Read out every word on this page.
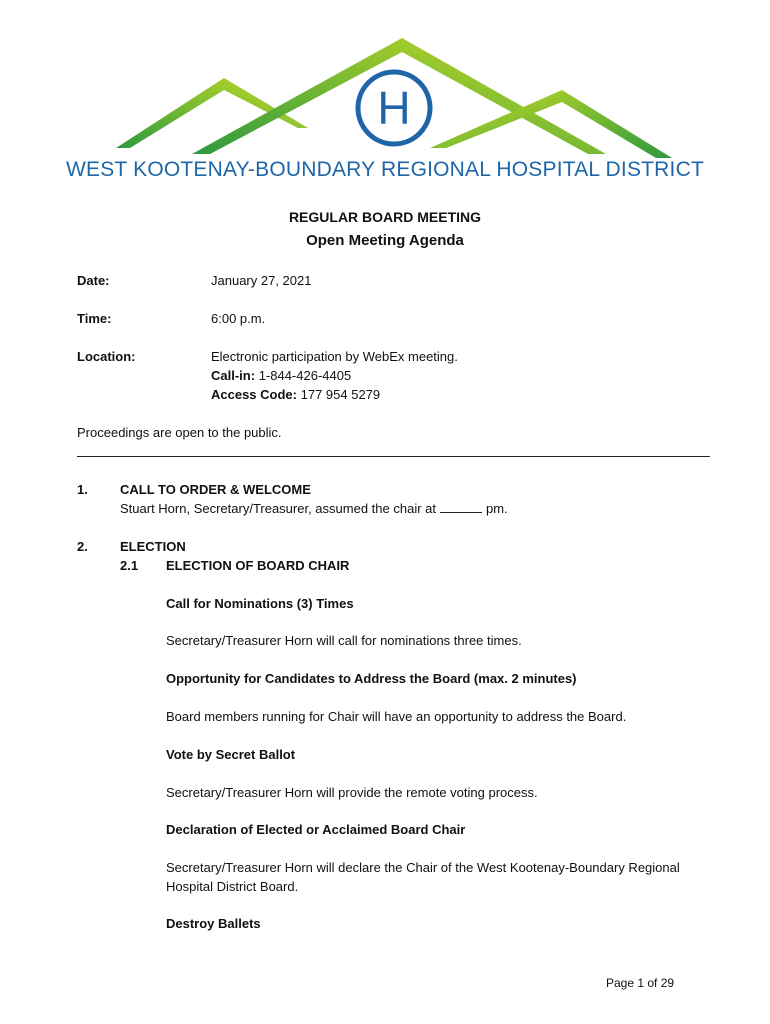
H
WEST KOOTENAY-BOUNDARY REGIONAL HOSPITAL DISTRICT
REGULAR BOARD MEETING
Open Meeting Agenda
Date:	January 27, 2021
Time:	6:00 p.m.
Location:	Electronic participation by WebEx meeting.
Call-in: 1-844-426-4405
Access Code: 177 954 5279
Proceedings are open to the public.
1. CALL TO ORDER & WELCOME
Stuart Horn, Secretary/Treasurer, assumed the chair at	pm.
2. ELECTION
2.1 ELECTION OF BOARD CHAIR
Call for Nominations (3) Times
Secretary/Treasurer Horn will call for nominations three times.
Opportunity for Candidates to Address the Board (max. 2 minutes)
Board members running for Chair will have an opportunity to address the Board.
Vote by Secret Ballot
Secretary/Treasurer Horn will provide the remote voting process.
Declaration of Elected or Acclaimed Board Chair
Secretary/Treasurer Horn will declare the Chair of the West Kootenay-Boundary Regional
Hospital District Board.
Destroy Ballets
Page 1 of 29
